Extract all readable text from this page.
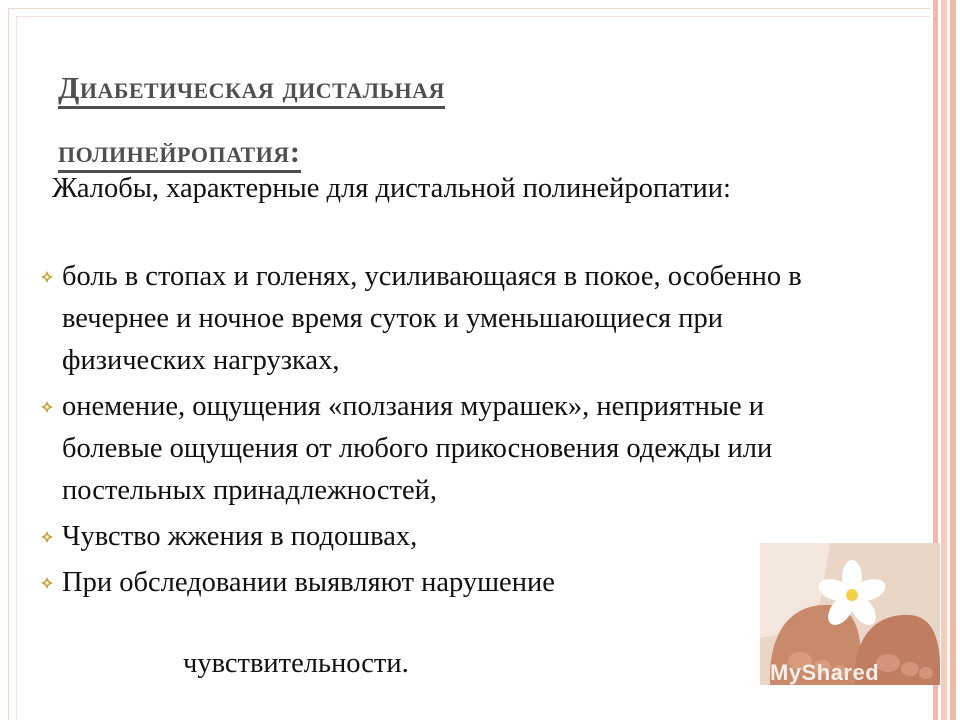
Диабетическая дистальная
полинейропатия:
Жалобы, характерные для дистальной полинейропатии:
боль в стопах и голенях, усиливающаяся в покое, особенно в вечернее и ночное время суток и уменьшающиеся при физических нагрузках,
онемение, ощущения «ползания мурашек», неприятные и болевые ощущения от любого прикосновения одежды или постельных принадлежностей,
Чувство жжения в подошвах,
При обследовании выявляют нарушение
чувствительности.	MyShared
